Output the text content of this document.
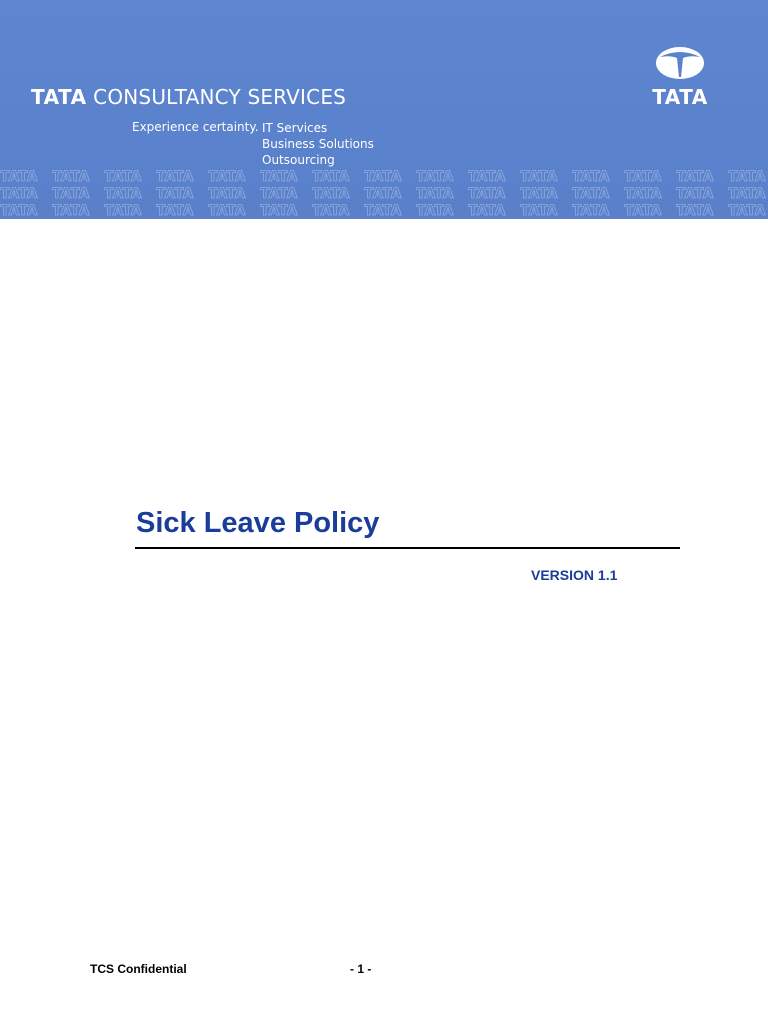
TATA CONSULTANCY SERVICES
Experience certainty. IT Services
Business Solutions
Outsourcing
TATA
Sick Leave Policy
VERSION 1.1
TCS Confidential	- 1 -
